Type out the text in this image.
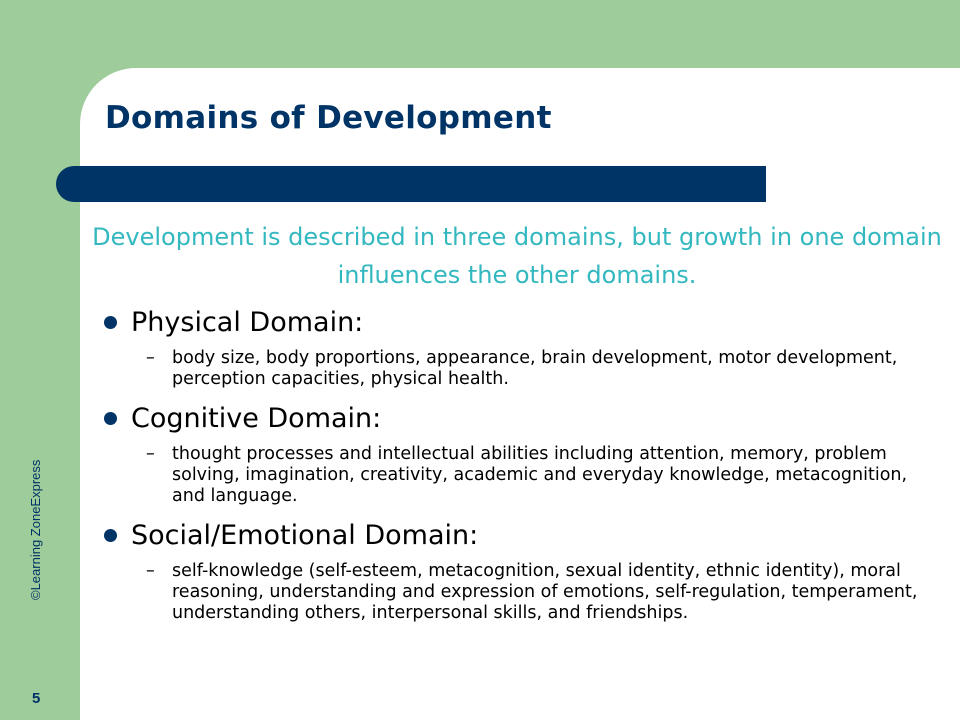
Domains of Development
©Learning ZoneExpress
5
Development is described in three domains, but growth in one domain influences the other domains.
Physical Domain:
– body size, body proportions, appearance, brain development, motor development, perception capacities, physical health.
Cognitive Domain:
– thought processes and intellectual abilities including attention, memory, problem solving, imagination, creativity, academic and everyday knowledge, metacognition, and language.
Social/Emotional Domain:
– self-knowledge (self-esteem, metacognition, sexual identity, ethnic identity), moral reasoning, understanding and expression of emotions, self-regulation, temperament, understanding others, interpersonal skills, and friendships.
